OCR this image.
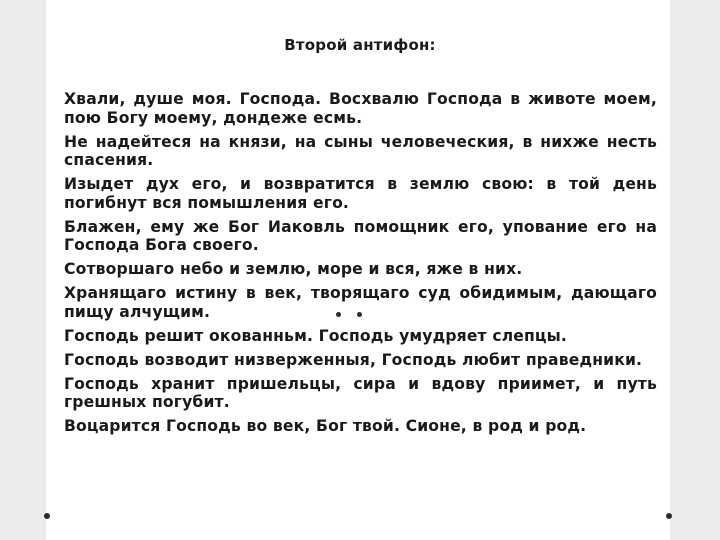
Второй антифон:

Хвали, душе моя. Господа. Восхвалю Господа в животе моем, пою Богу моему, дондеже есмь.

Не надейтеся на князи, на сыны человеческия, в нихже несть спасения.

Изыдет дух его, и возвратится в землю свою: в той день погибнут вся помышления его.

Блажен, ему же Бог Иаковль помощник его, упование его на Господа Бога своего.

Сотворшаго небо и землю, море и вся, яже в них.

Хранящаго истину в век, творящаго суд обидимым, дающаго пищу алчущим.

Господь решит окованньм. Господь умудряет слепцы.

Господь возводит низверженныя, Господь любит праведники.

Господь хранит пришельцы, сира и вдову приимет, и путь грешных погубит.

Воцарится Господь во век, Бог твой. Сионе, в род и род.
